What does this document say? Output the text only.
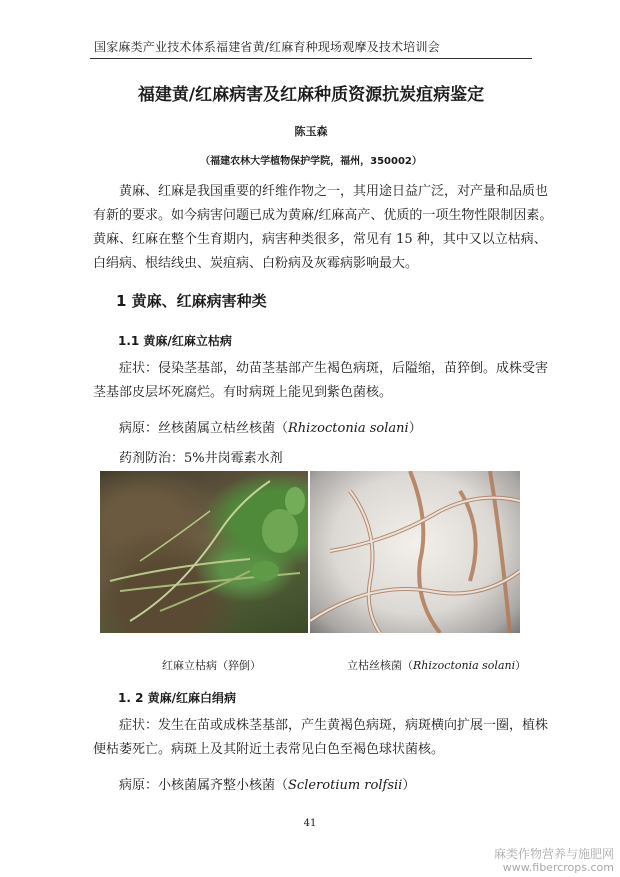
国家麻类产业技术体系福建省黄/红麻育种现场观摩及技术培训会
福建黄/红麻病害及红麻种质资源抗炭疽病鉴定
陈玉森
（福建农林大学植物保护学院，福州，350002）
黄麻、红麻是我国重要的纤维作物之一，其用途日益广泛，对产量和品质也
有新的要求。如今病害问题已成为黄麻/红麻高产、优质的一项生物性限制因素。
黄麻、红麻在整个生育期内，病害种类很多，常见有 15 种，其中又以立枯病、
白绢病、根结线虫、炭疽病、白粉病及灰霉病影响最大。
1 黄麻、红麻病害种类
1.1 黄麻/红麻立枯病
症状：侵染茎基部，幼苗茎基部产生褐色病斑，后隘缩，苗猝倒。成株受害
茎基部皮层坏死腐烂。有时病斑上能见到紫色菌核。
病原：丝核菌属立枯丝核菌（Rhizoctonia solani）
药剂防治：5%井岗霉素水剂
红麻立枯病（猝倒）	立枯丝核菌（Rhizoctonia solani）
1. 2 黄麻/红麻白绢病
症状：发生在苗或成株茎基部，产生黄褐色病斑，病斑横向扩展一圈，植株
便枯萎死亡。病斑上及其附近土表常见白色至褐色球状菌核。
病原：小核菌属齐整小核菌（Sclerotium rolfsii）
41
麻类作物营养与施肥网
www.fibercrops.com
